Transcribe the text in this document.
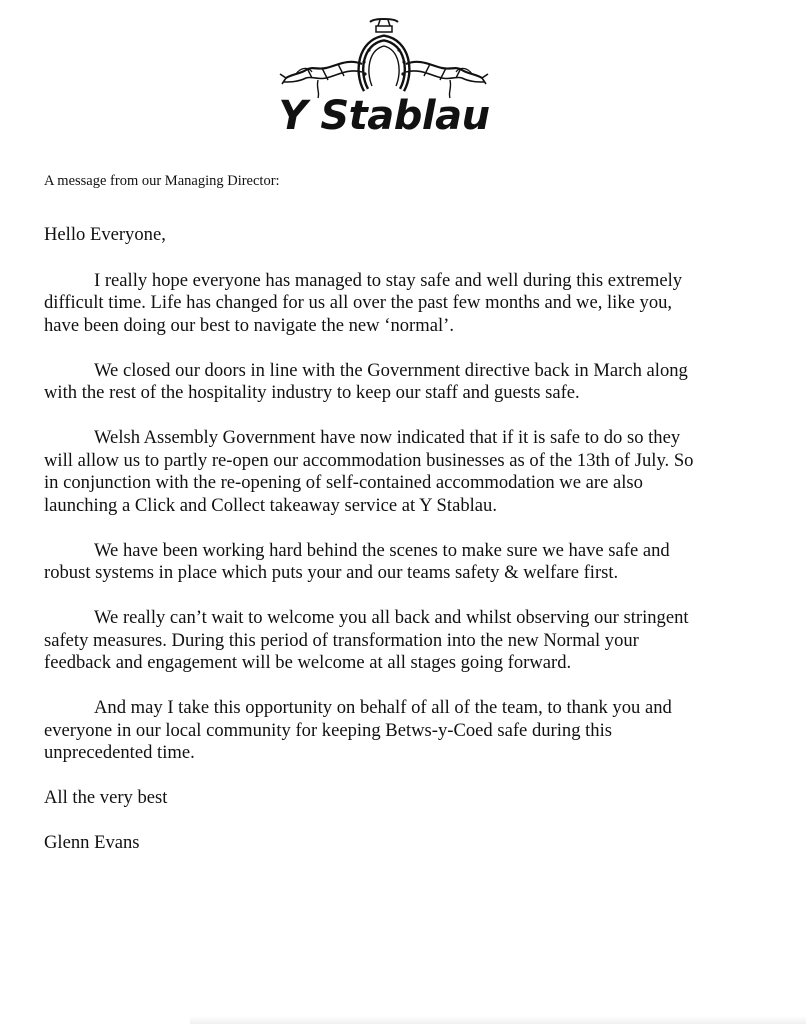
Y Stablau

A message from our Managing Director:

Hello Everyone,

I really hope everyone has managed to stay safe and well during this extremely difficult time. Life has changed for us all over the past few months and we, like you, have been doing our best to navigate the new ‘normal’.

We closed our doors in line with the Government directive back in March along with the rest of the hospitality industry to keep our staff and guests safe.

Welsh Assembly Government have now indicated that if it is safe to do so they will allow us to partly re-open our accommodation businesses as of the 13th of July. So in conjunction with the re-opening of self-contained accommodation we are also launching a Click and Collect takeaway service at Y Stablau.

We have been working hard behind the scenes to make sure we have safe and robust systems in place which puts your and our teams safety & welfare first.

We really can’t wait to welcome you all back and whilst observing our stringent safety measures. During this period of transformation into the new Normal your feedback and engagement will be welcome at all stages going forward.

And may I take this opportunity on behalf of all of the team, to thank you and everyone in our local community for keeping Betws-y-Coed safe during this unprecedented time.

All the very best

Glenn Evans
